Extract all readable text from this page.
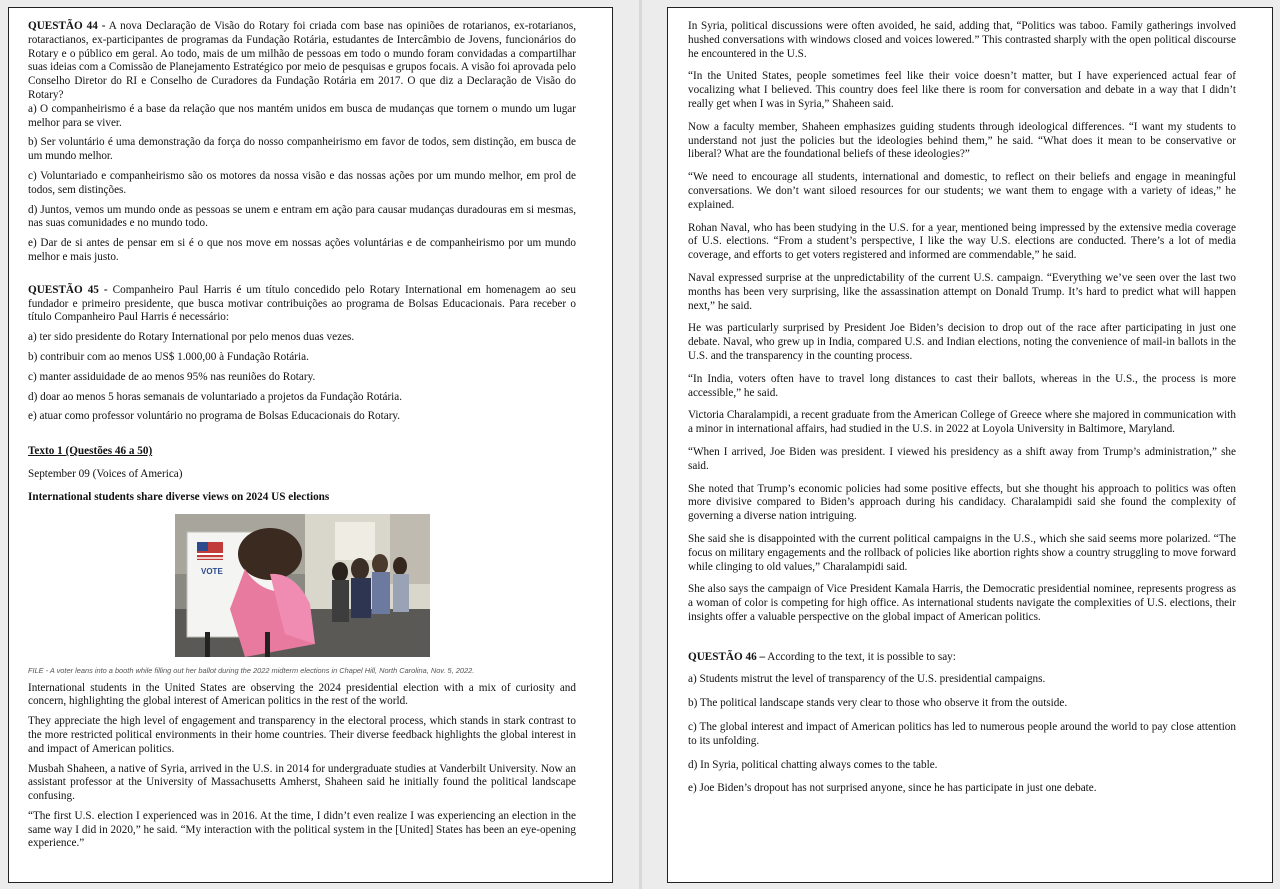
QUESTÃO 44 - A nova Declaração de Visão do Rotary foi criada com base nas opiniões de rotarianos, ex-rotarianos, rotaractianos, ex-participantes de programas da Fundação Rotária, estudantes de Intercâmbio de Jovens, funcionários do Rotary e o público em geral. Ao todo, mais de um milhão de pessoas em todo o mundo foram convidadas a compartilhar suas ideias com a Comissão de Planejamento Estratégico por meio de pesquisas e grupos focais. A visão foi aprovada pelo Conselho Diretor do RI e Conselho de Curadores da Fundação Rotária em 2017. O que diz a Declaração de Visão do Rotary?

a) O companheirismo é a base da relação que nos mantém unidos em busca de mudanças que tornem o mundo um lugar melhor para se viver.

b) Ser voluntário é uma demonstração da força do nosso companheirismo em favor de todos, sem distinção, em busca de um mundo melhor.

c) Voluntariado e companheirismo são os motores da nossa visão e das nossas ações por um mundo melhor, em prol de todos, sem distinções.

d) Juntos, vemos um mundo onde as pessoas se unem e entram em ação para causar mudanças duradouras em si mesmas, nas suas comunidades e no mundo todo.

e) Dar de si antes de pensar em si é o que nos move em nossas ações voluntárias e de companheirismo por um mundo melhor e mais justo.

QUESTÃO 45 - Companheiro Paul Harris é um título concedido pelo Rotary International em homenagem ao seu fundador e primeiro presidente, que busca motivar contribuições ao programa de Bolsas Educacionais. Para receber o título Companheiro Paul Harris é necessário:

a) ter sido presidente do Rotary International por pelo menos duas vezes.

b) contribuir com ao menos US$ 1.000,00 à Fundação Rotária.

c) manter assiduidade de ao menos 95% nas reuniões do Rotary.

d) doar ao menos 5 horas semanais de voluntariado a projetos da Fundação Rotária.

e) atuar como professor voluntário no programa de Bolsas Educacionais do Rotary.

Texto 1 (Questões 46 a 50)

September 09 (Voices of America)

International students share diverse views on 2024 US elections

VOTE

FILE - A voter leans into a booth while filling out her ballot during the 2022 midterm elections in Chapel Hill, North Carolina, Nov. 5, 2022.

International students in the United States are observing the 2024 presidential election with a mix of curiosity and concern, highlighting the global interest of American politics in the rest of the world.

They appreciate the high level of engagement and transparency in the electoral process, which stands in stark contrast to the more restricted political environments in their home countries. Their diverse feedback highlights the global interest in and impact of American politics.

Musbah Shaheen, a native of Syria, arrived in the U.S. in 2014 for undergraduate studies at Vanderbilt University. Now an assistant professor at the University of Massachusetts Amherst, Shaheen said he initially found the political landscape confusing.

“The first U.S. election I experienced was in 2016. At the time, I didn’t even realize I was experiencing an election in the same way I did in 2020,” he said. “My interaction with the political system in the [United] States has been an eye-opening experience.”

In Syria, political discussions were often avoided, he said, adding that, “Politics was taboo. Family gatherings involved hushed conversations with windows closed and voices lowered.” This contrasted sharply with the open political discourse he encountered in the U.S.

“In the United States, people sometimes feel like their voice doesn’t matter, but I have experienced actual fear of vocalizing what I believed. This country does feel like there is room for conversation and debate in a way that I didn’t really get when I was in Syria,” Shaheen said.

Now a faculty member, Shaheen emphasizes guiding students through ideological differences. “I want my students to understand not just the policies but the ideologies behind them,” he said. “What does it mean to be conservative or liberal? What are the foundational beliefs of these ideologies?”

“We need to encourage all students, international and domestic, to reflect on their beliefs and engage in meaningful conversations. We don’t want siloed resources for our students; we want them to engage with a variety of ideas,” he explained.

Rohan Naval, who has been studying in the U.S. for a year, mentioned being impressed by the extensive media coverage of U.S. elections. “From a student’s perspective, I like the way U.S. elections are conducted. There’s a lot of media coverage, and efforts to get voters registered and informed are commendable,” he said.

Naval expressed surprise at the unpredictability of the current U.S. campaign. “Everything we’ve seen over the last two months has been very surprising, like the assassination attempt on Donald Trump. It’s hard to predict what will happen next,” he said.

He was particularly surprised by President Joe Biden’s decision to drop out of the race after participating in just one debate. Naval, who grew up in India, compared U.S. and Indian elections, noting the convenience of mail-in ballots in the U.S. and the transparency in the counting process.

“In India, voters often have to travel long distances to cast their ballots, whereas in the U.S., the process is more accessible,” he said.

Victoria Charalampidi, a recent graduate from the American College of Greece where she majored in communication with a minor in international affairs, had studied in the U.S. in 2022 at Loyola University in Baltimore, Maryland.

“When I arrived, Joe Biden was president. I viewed his presidency as a shift away from Trump’s administration,” she said.

She noted that Trump’s economic policies had some positive effects, but she thought his approach to politics was often more divisive compared to Biden’s approach during his candidacy. Charalampidi said she found the complexity of governing a diverse nation intriguing.

She said she is disappointed with the current political campaigns in the U.S., which she said seems more polarized. “The focus on military engagements and the rollback of policies like abortion rights show a country struggling to move forward while clinging to old values,” Charalampidi said.

She also says the campaign of Vice President Kamala Harris, the Democratic presidential nominee, represents progress as a woman of color is competing for high office. As international students navigate the complexities of U.S. elections, their insights offer a valuable perspective on the global impact of American politics.

QUESTÃO 46 – According to the text, it is possible to say:

a) Students mistrut the level of transparency of the U.S. presidential campaigns.

b) The political landscape stands very clear to those who observe it from the outside.

c) The global interest and impact of American politics has led to numerous people around the world to pay close attention to its unfolding.

d) In Syria, political chatting always comes to the table.

e) Joe Biden’s dropout has not surprised anyone, since he has participate in just one debate.
